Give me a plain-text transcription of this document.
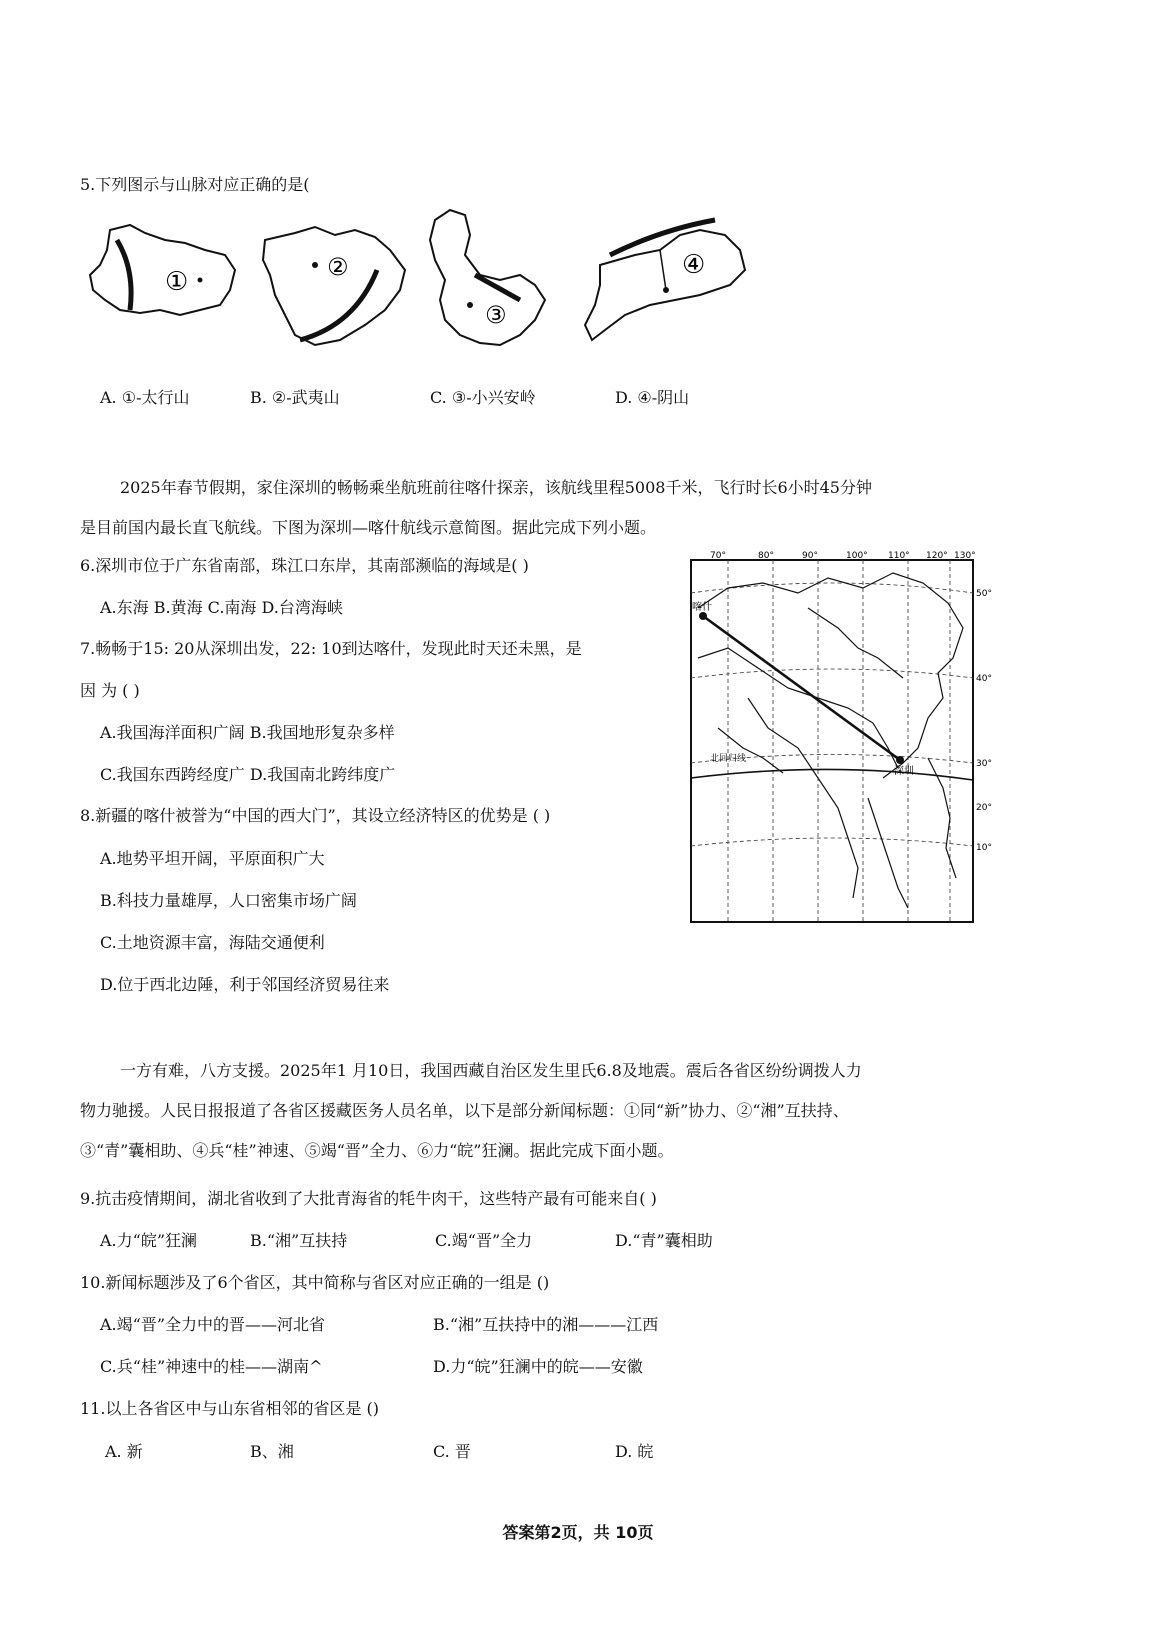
5.下列图示与山脉对应正确的是(
①	②
③
④
A. ①-太行山	B. ②-武夷山	C. ③-小兴安岭	D. ④-阴山
2025年春节假期，家住深圳的畅畅乘坐航班前往喀什探亲，该航线里程5008千米，飞行时长6小时45分钟
是目前国内最长直飞航线。下图为深圳—喀什航线示意简图。据此完成下列小题。
6.深圳市位于广东省南部，珠江口东岸，其南部濒临的海域是( )
A.东海 B.黄海 C.南海 D.台湾海峡
7.畅畅于15: 20从深圳出发，22: 10到达喀什，发现此时天还未黑，是
因 为 ( )
A.我国海洋面积广阔 B.我国地形复杂多样
C.我国东西跨经度广 D.我国南北跨纬度广
8.新疆的喀什被誉为“中国的西大门”，其设立经济特区的优势是 ( )
A.地势平坦开阔，平原面积广大
B.科技力量雄厚，人口密集市场广阔
C.土地资源丰富，海陆交通便利
D.位于西北边陲，利于邻国经济贸易往来
喀什
深圳
北回归线
70°	80°	90°	100° 110° 120° 130°
50°
40°
30°
20°
10°
一方有难，八方支援。2025年1 月10日，我国西藏自治区发生里氏6.8及地震。震后各省区纷纷调拨人力
物力驰援。人民日报报道了各省区援藏医务人员名单，以下是部分新闻标题：①同“新”协力、②“湘”互扶持、
③“青”囊相助、④兵“桂”神速、⑤竭“晋”全力、⑥力“皖”狂澜。据此完成下面小题。
9.抗击疫情期间，湖北省收到了大批青海省的牦牛肉干，这些特产最有可能来自( )
A.力“皖”狂澜	B.“湘”互扶持	C.竭“晋”全力	D.“青”囊相助
10.新闻标题涉及了6个省区，其中简称与省区对应正确的一组是 ()
A.竭“晋”全力中的晋——河北省	B.“湘”互扶持中的湘———江西
C.兵“桂”神速中的桂——湖南^	D.力“皖”狂澜中的皖——安徽
11.以上各省区中与山东省相邻的省区是 ()
A. 新	B、湘	C. 晋	D. 皖
答案第2页，共 10页
